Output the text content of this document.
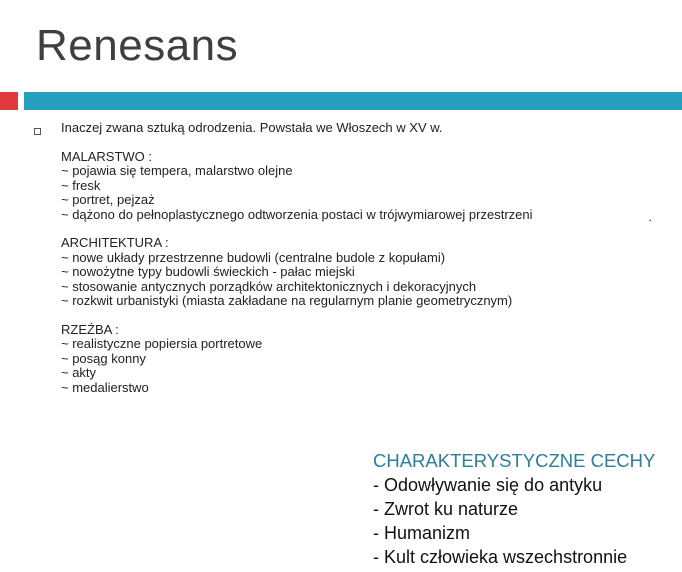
Renesans

Inaczej zwana sztuką odrodzenia. Powstała we Włoszech w XV w.

MALARSTWO :

~ pojawia się tempera, malarstwo olejne

~ fresk

~ portret, pejzaż

~ dążono do pełnoplastycznego odtworzenia postaci w trójwymiarowej przestrzeni

ARCHITEKTURA :

~ nowe układy przestrzenne budowli (centralne budole z kopułami)

~ nowożytne typy budowli świeckich - pałac miejski

~ stosowanie antycznych porządków architektonicznych i dekoracyjnych

~ rozkwit urbanistyki (miasta zakładane na regularnym planie geometrycznym)

RZEŹBA :

~ realistyczne popiersia portretowe

~ posąg konny

~ akty

~ medalierstwo

·

CHARAKTERYSTYCZNE CECHY

- Odowływanie się do antyku

- Zwrot ku naturze

- Humanizm

- Kult człowieka wszechstronnie
